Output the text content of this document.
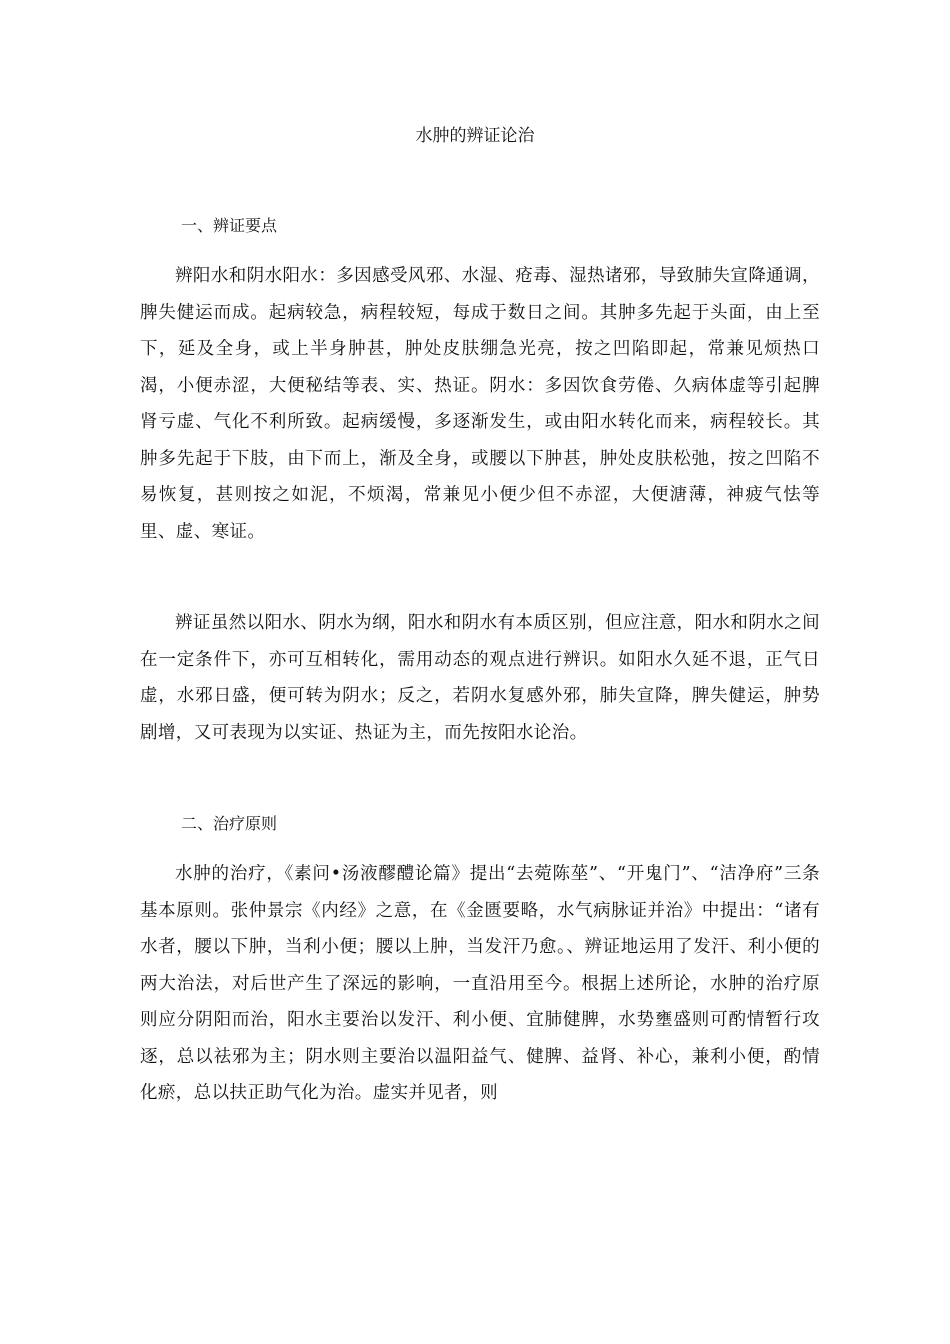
水肿的辨证论治
一、辨证要点

辨阳水和阴水阳水：多因感受风邪、水湿、疮毒、湿热诸邪，导致肺失宣降通调，脾失健运而成。起病较急，病程较短，每成于数日之间。其肿多先起于头面，由上至下，延及全身，或上半身肿甚，肿处皮肤绷急光亮，按之凹陷即起，常兼见烦热口渴，小便赤涩，大便秘结等表、实、热证。阴水：多因饮食劳倦、久病体虚等引起脾肾亏虚、气化不利所致。起病缓慢，多逐渐发生，或由阳水转化而来，病程较长。其肿多先起于下肢，由下而上，渐及全身，或腰以下肿甚，肿处皮肤松弛，按之凹陷不易恢复，甚则按之如泥，不烦渴，常兼见小便少但不赤涩，大便溏薄，神疲气怯等里、虚、寒证。

辨证虽然以阳水、阴水为纲，阳水和阴水有本质区别，但应注意，阳水和阴水之间在一定条件下，亦可互相转化，需用动态的观点进行辨识。如阳水久延不退，正气日虚，水邪日盛，便可转为阴水；反之，若阴水复感外邪，肺失宣降，脾失健运，肿势剧增，又可表现为以实证、热证为主，而先按阳水论治。

二、治疗原则

水肿的治疗，《素问•汤液醪醴论篇》提出“去菀陈莝”、“开鬼门”、“洁净府”三条基本原则。张仲景宗《内经》之意，在《金匮要略，水气病脉证并治》中提出：“诸有水者，腰以下肿，当利小便；腰以上肿，当发汗乃愈。、辨证地运用了发汗、利小便的两大治法，对后世产生了深远的影响，一直沿用至今。根据上述所论，水肿的治疗原则应分阴阳而治，阳水主要治以发汗、利小便、宜肺健脾，水势壅盛则可酌情暂行攻逐，总以祛邪为主；阴水则主要治以温阳益气、健脾、益肾、补心，兼利小便，酌情化瘀，总以扶正助气化为治。虚实并见者，则
